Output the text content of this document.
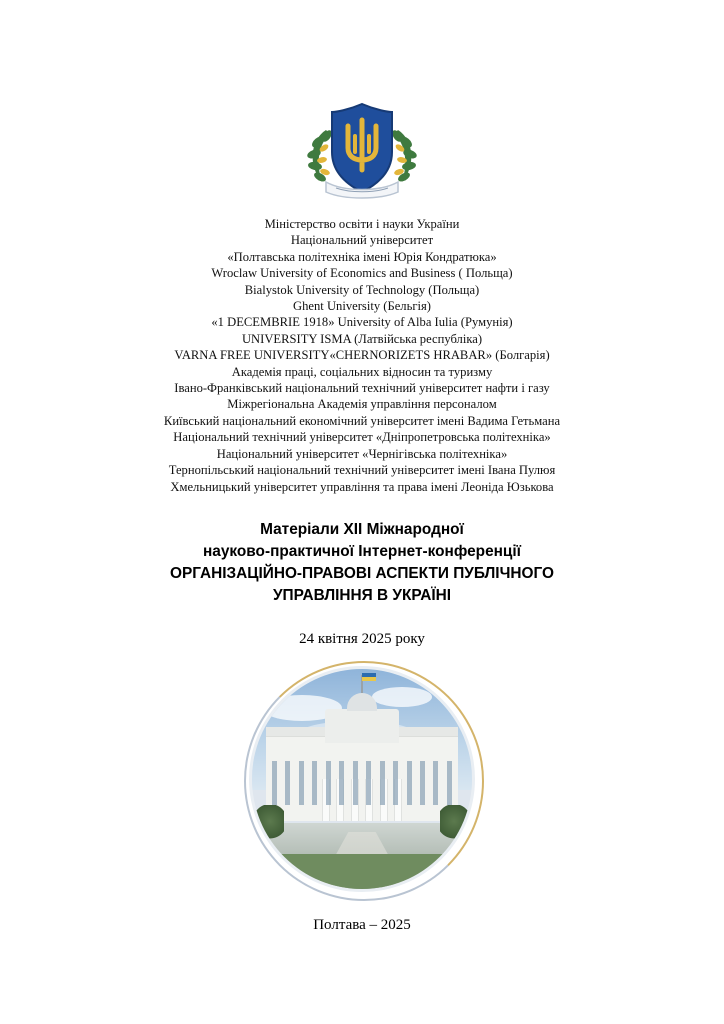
Міністерство освіти і науки України
Національний університет
«Полтавська політехніка імені Юрія Кондратюка»
Wroclaw University of Economics and Business ( Польща)
Bialystok University of Technology (Польща)
Ghent University (Бельгія)
«1 DECEMBRIE 1918» University of Alba Iulia (Румунія)
UNIVERSITY ISMA (Латвійська республіка)
VARNA FREE UNIVERSITY«CHERNORIZETS HRABAR» (Болгарія)
Академія праці, соціальних відносин та туризму
Івано-Франківський національний технічний університет нафти і газу
Міжрегіональна Академія управління персоналом
Київський національний економічний університет імені Вадима Гетьмана
Національний технічний університет «Дніпропетровська політехніка»
Національний університет «Чернігівська політехніка»
Тернопільський національний технічний університет імені Івана Пулюя
Хмельницький університет управління та права імені Леоніда Юзькова
Матеріали XII Міжнародної
науково-практичної Інтернет-конференції
ОРГАНІЗАЦІЙНО-ПРАВОВІ АСПЕКТИ ПУБЛІЧНОГО
УПРАВЛІННЯ В УКРАЇНІ
24 квітня 2025 року
Полтава – 2025
